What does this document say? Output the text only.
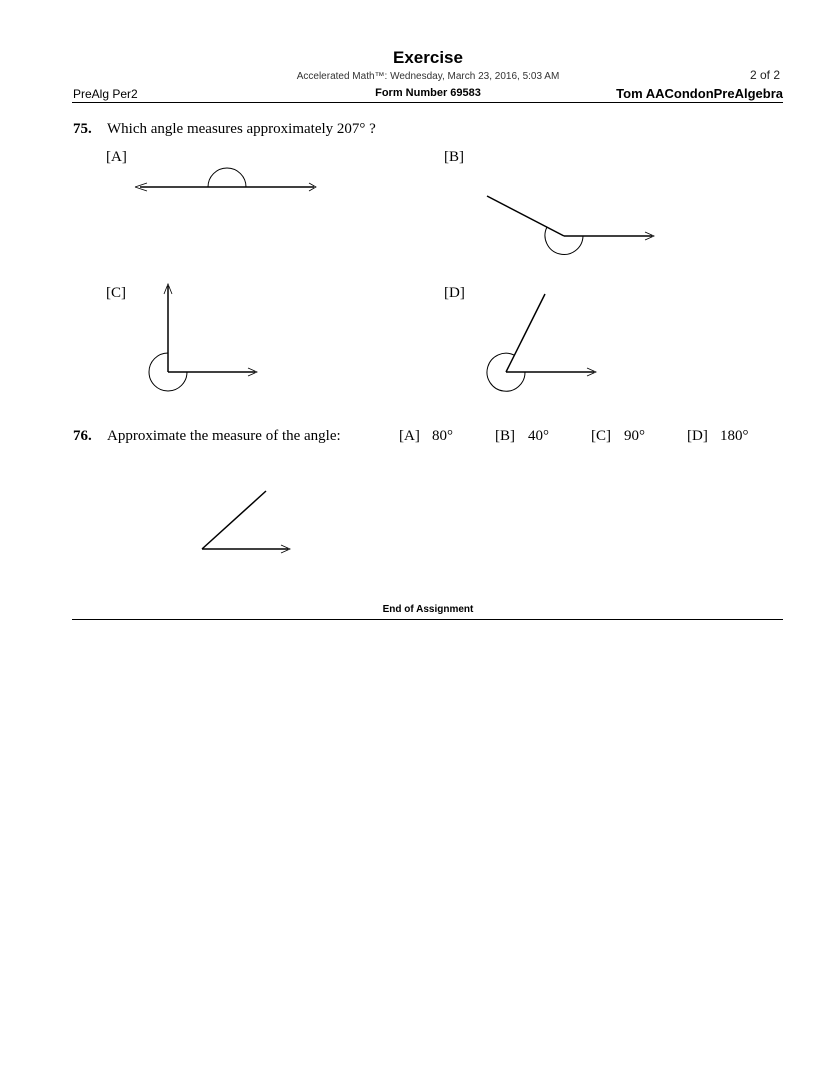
Exercise
Accelerated Math™: Wednesday, March 23, 2016, 5:03 AM	2 of 2
PreAlg Per2	Form Number 69583	Tom AACondonPreAlgebra
75. Which angle measures approximately 207° ?
[A]	[B]
[C]	[D]
76. Approximate the measure of the angle:	[A] 80°	[B] 40°	[C] 90°	[D] 180°
End of Assignment
